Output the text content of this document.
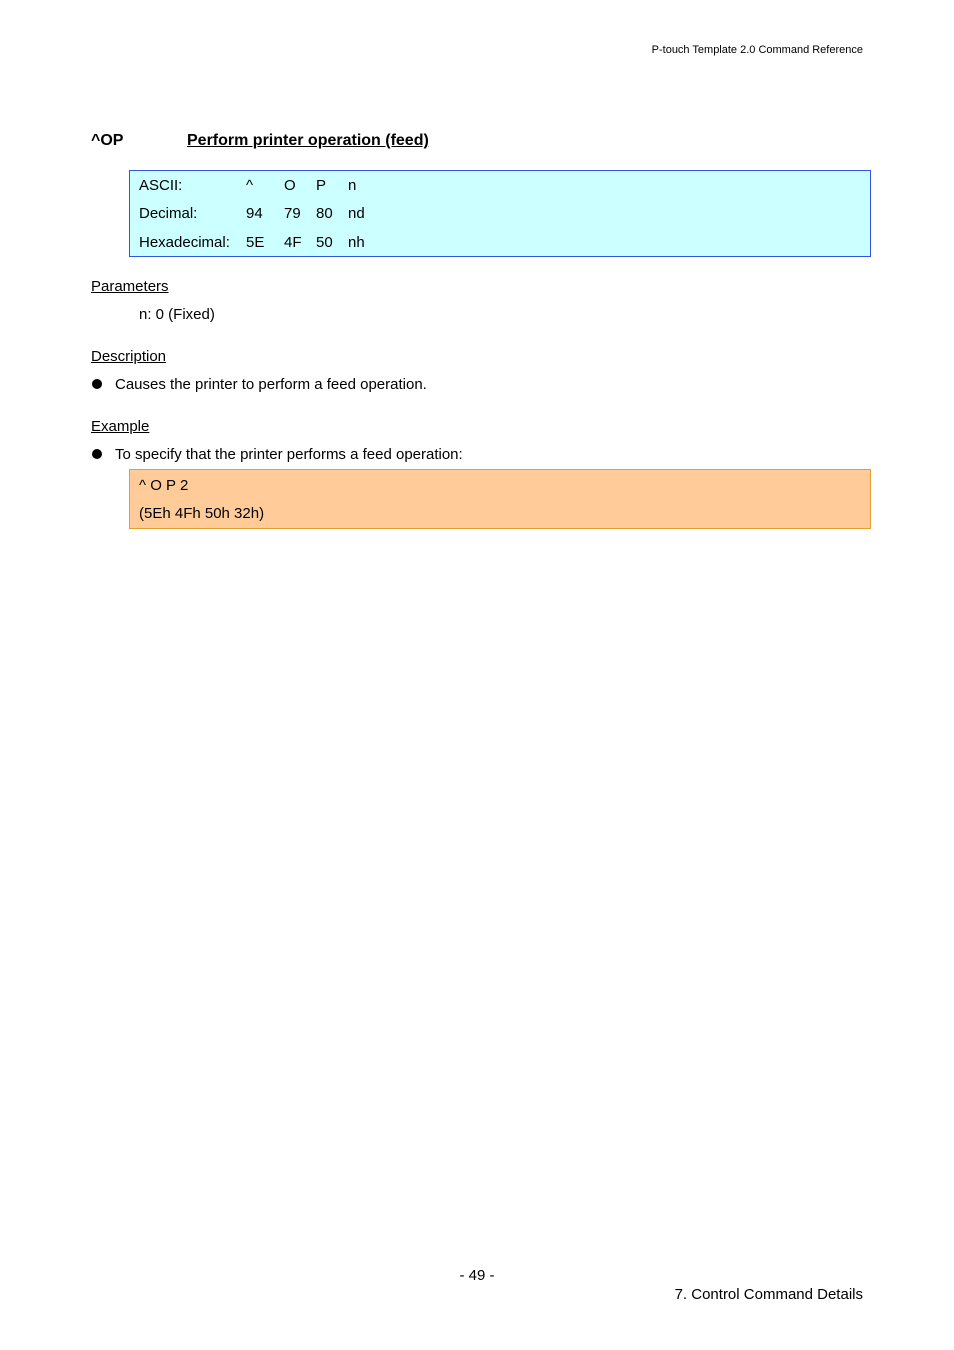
P-touch Template 2.0 Command Reference
^OP	Perform printer operation (feed)
ASCII:	^ O P n
Decimal:	94 79 80 nd
Hexadecimal: 5E 4F 50 nh
Parameters
n: 0 (Fixed)
Description
Causes the printer to perform a feed operation.
Example
To specify that the printer performs a feed operation:
^ O P 2
(5Eh 4Fh 50h 32h)
- 49 -
7. Control Command Details
